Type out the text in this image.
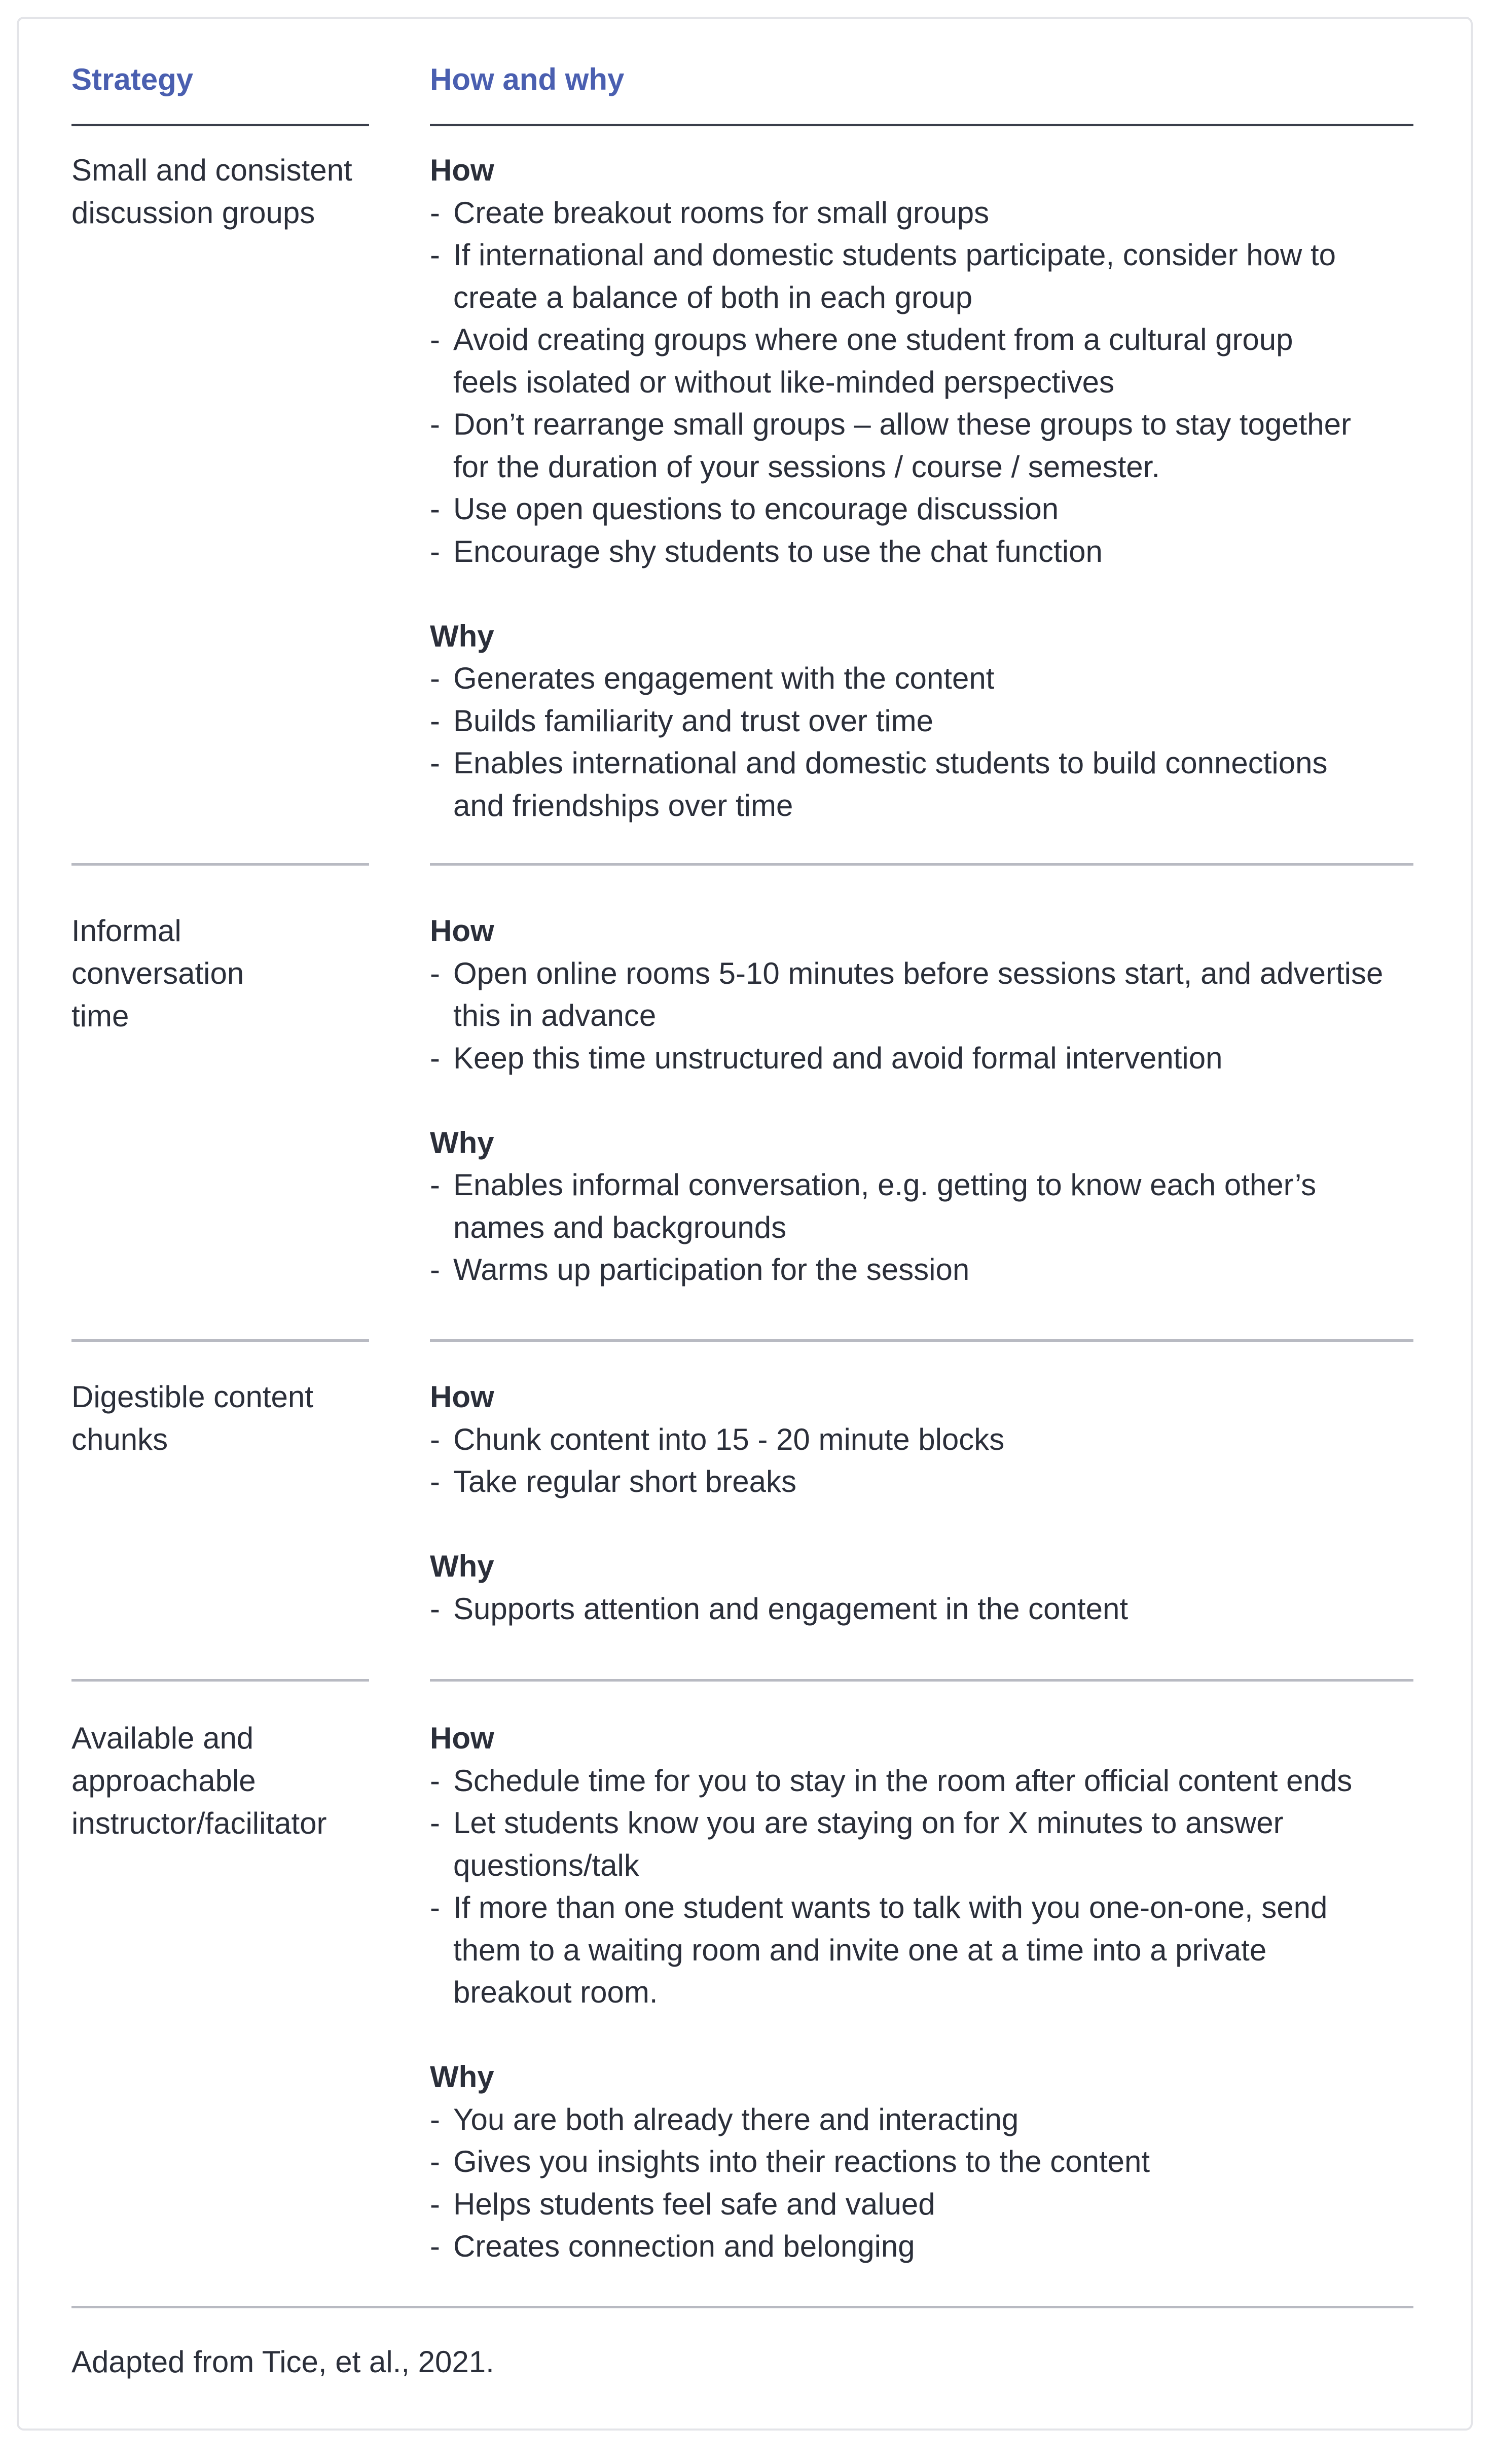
Strategy	How and why
Small and consistent
discussion groups

How

- Create breakout rooms for small groups
- If international and domestic students participate, consider how to create a balance of both in each group
- Avoid creating groups where one student from a cultural group feels isolated or without like-minded perspectives
- Don’t rearrange small groups – allow these groups to stay together for the duration of your sessions / course / semester.
- Use open questions to encourage discussion
- Encourage shy students to use the chat function

Why

- Generates engagement with the content
- Builds familiarity and trust over time
- Enables international and domestic students to build connections and friendships over time
Informal
conversation
time

How

- Open online rooms 5-10 minutes before sessions start, and advertise this in advance
- Keep this time unstructured and avoid formal intervention

Why

- Enables informal conversation, e.g. getting to know each other’s names and backgrounds
- Warms up participation for the session
Digestible content
chunks

How

- Chunk content into 15 - 20 minute blocks
- Take regular short breaks

Why

- Supports attention and engagement in the content
Available and
approachable
instructor/facilitator

How

- Schedule time for you to stay in the room after official content ends
- Let students know you are staying on for X minutes to answer questions/talk
- If more than one student wants to talk with you one-on-one, send them to a waiting room and invite one at a time into a private breakout room.

Why

- You are both already there and interacting
- Gives you insights into their reactions to the content
- Helps students feel safe and valued
- Creates connection and belonging
Adapted from Tice, et al., 2021.
